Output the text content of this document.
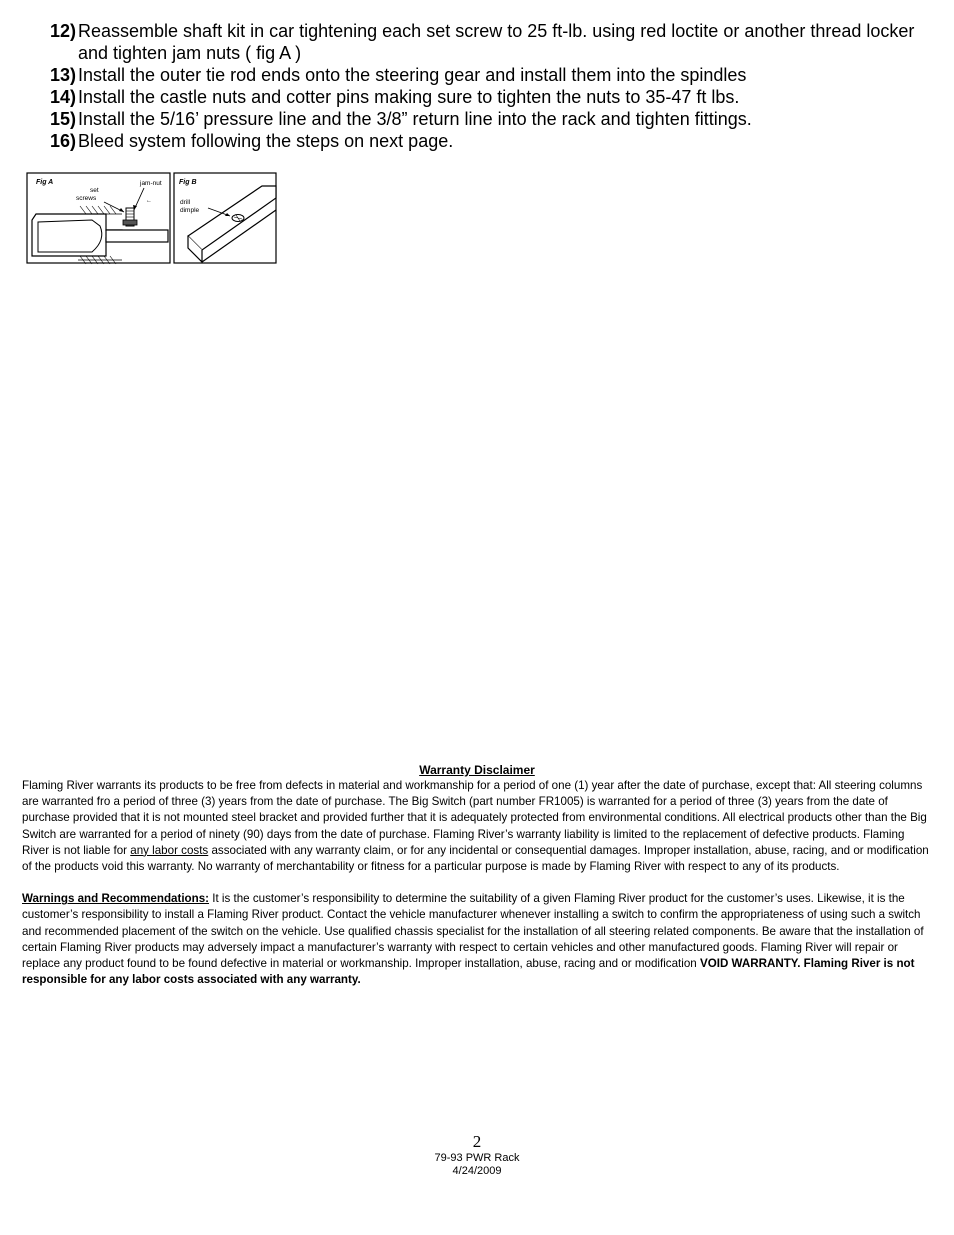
12) Reassemble shaft kit in car tightening each set screw to 25 ft-lb. using red loctite or another thread locker and tighten jam nuts ( fig A )
13) Install the outer tie rod ends onto the steering gear and install them into the spindles
14) Install the castle nuts and cotter pins making sure to tighten the nuts to 35-47 ft lbs.
15) Install the 5/16’ pressure line and the 3/8” return line into the rack and tighten fittings.
16) Bleed system following the steps on next page.
Fig A
set
screws
jam-nut
←
Fig B
drill
dimple
Warranty Disclaimer

Flaming River warrants its products to be free from defects in material and workmanship for a period of one (1) year after the date of purchase, except that: All steering columns are warranted fro a period of three (3) years from the date of purchase. The Big Switch (part number FR1005) is warranted for a period of three (3) years from the date of purchase provided that it is not mounted steel bracket and provided further that it is adequately protected from environmental conditions. All electrical products other than the Big Switch are warranted for a period of ninety (90) days from the date of purchase. Flaming River’s warranty liability is limited to the replacement of defective products. Flaming River is not liable for any labor costs associated with any warranty claim, or for any incidental or consequential damages. Improper installation, abuse, racing, and or modification of the products void this warranty. No warranty of merchantability or fitness for a particular purpose is made by Flaming River with respect to any of its products.

Warnings and Recommendations: It is the customer’s responsibility to determine the suitability of a given Flaming River product for the customer’s uses. Likewise, it is the customer’s responsibility to install a Flaming River product. Contact the vehicle manufacturer whenever installing a switch to confirm the appropriateness of using such a switch and recommended placement of the switch on the vehicle. Use qualified chassis specialist for the installation of all steering related components. Be aware that the installation of certain Flaming River products may adversely impact a manufacturer’s warranty with respect to certain vehicles and other manufactured goods. Flaming River will repair or replace any product found to be found defective in material or workmanship. Improper installation, abuse, racing and or modification VOID WARRANTY. Flaming River is not responsible for any labor costs associated with any warranty.

2
79-93 PWR Rack
4/24/2009
